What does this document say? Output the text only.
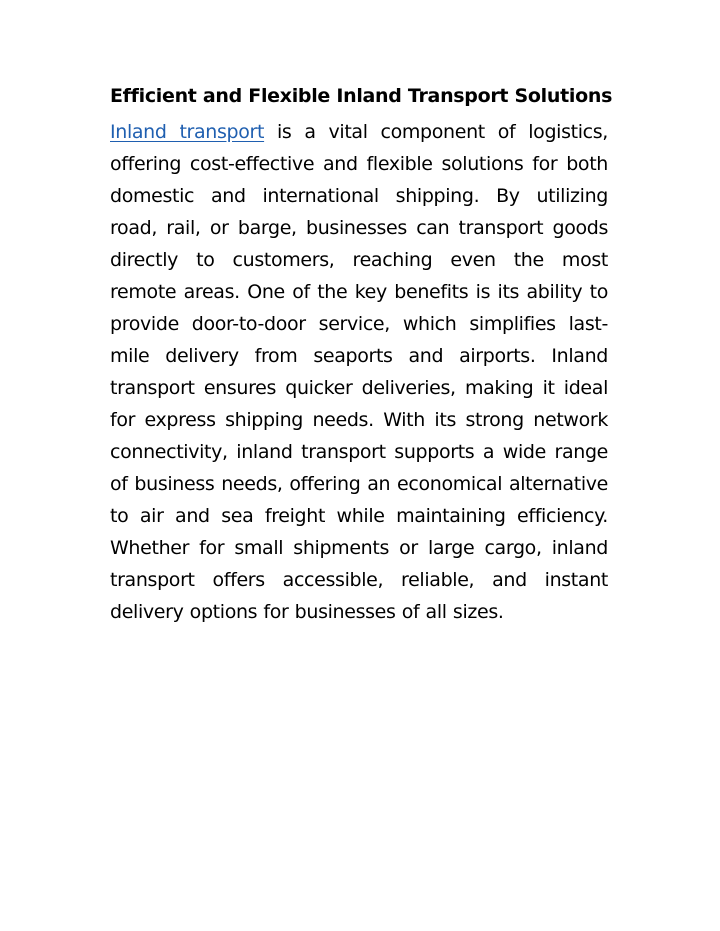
Efficient and Flexible Inland Transport Solutions

Inland transport is a vital component of logistics, offering cost-effective and flexible solutions for both domestic and international shipping. By utilizing road, rail, or barge, businesses can transport goods directly to customers, reaching even the most remote areas. One of the key benefits is its ability to provide door-to-door service, which simplifies last-mile delivery from seaports and airports. Inland transport ensures quicker deliveries, making it ideal for express shipping needs. With its strong network connectivity, inland transport supports a wide range of business needs, offering an economical alternative to air and sea freight while maintaining efficiency. Whether for small shipments or large cargo, inland transport offers accessible, reliable, and instant delivery options for businesses of all sizes.
